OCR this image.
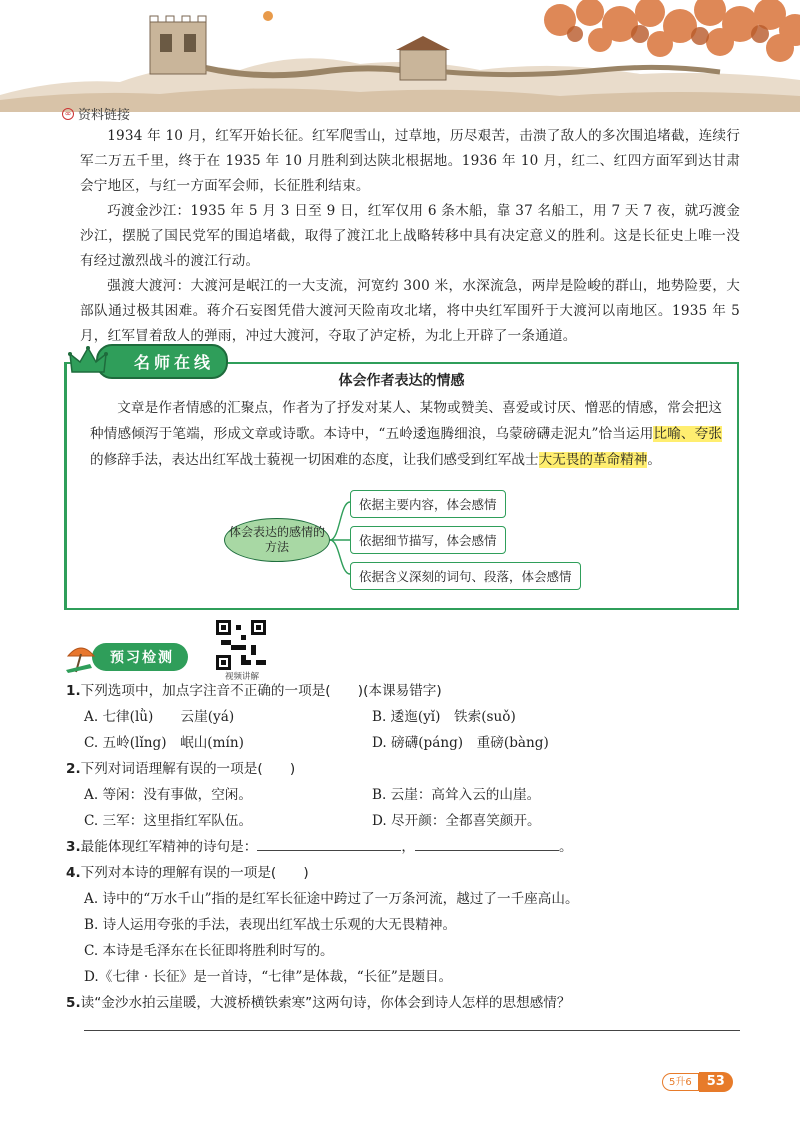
∞ 资料链接

1934 年 10 月，红军开始长征。红军爬雪山，过草地，历尽艰苦，击溃了敌人的多次围追堵截，连续行军二万五千里，终于在 1935 年 10 月胜利到达陕北根据地。1936 年 10 月，红二、红四方面军到达甘肃会宁地区，与红一方面军会师，长征胜利结束。

巧渡金沙江：1935 年 5 月 3 日至 9 日，红军仅用 6 条木船，靠 37 名船工，用 7 天 7 夜，就巧渡金沙江，摆脱了国民党军的围追堵截，取得了渡江北上战略转移中具有决定意义的胜利。这是长征史上唯一没有经过激烈战斗的渡江行动。

强渡大渡河：大渡河是岷江的一大支流，河宽约 300 米，水深流急，两岸是险峻的群山，地势险要，大部队通过极其困难。蒋介石妄图凭借大渡河天险南攻北堵，将中央红军围歼于大渡河以南地区。1935 年 5 月，红军冒着敌人的弹雨，冲过大渡河，夺取了泸定桥，为北上开辟了一条通道。

名师在线
体会作者表达的情感

文章是作者情感的汇聚点，作者为了抒发对某人、某物或赞美、喜爱或讨厌、憎恶的情感，常会把这种情感倾泻于笔端，形成文章或诗歌。本诗中，“五岭逶迤腾细浪，乌蒙磅礴走泥丸”恰当运用比喻、夸张的修辞手法，表达出红军战士藐视一切困难的态度，让我们感受到红军战士大无畏的革命精神。

体会表达的感情的方法
依据主要内容，体会感情
依据细节描写，体会感情
依据含义深刻的词句、段落，体会感情
预习检测
视频讲解
1.下列选项中，加点字注音不正确的一项是(　　)(本课易错字)
A. 七律(lǜ)　　云崖(yá)	B. 逶迤(yǐ)　铁索(suǒ)
C. 五岭(lǐng)　岷山(mín)	D. 磅礴(páng)　重磅(bàng)
2.下列对词语理解有误的一项是(　　)
A. 等闲：没有事做，空闲。	B. 云崖：高耸入云的山崖。
C. 三军：这里指红军队伍。	D. 尽开颜：全都喜笑颜开。
3.最能体现红军精神的诗句是：	，	。
4.下列对本诗的理解有误的一项是(　　)
A. 诗中的“万水千山”指的是红军长征途中跨过了一万条河流，越过了一千座高山。
B. 诗人运用夸张的手法，表现出红军战士乐观的大无畏精神。
C. 本诗是毛泽东在长征即将胜利时写的。
D.《七律 · 长征》是一首诗，“七律”是体裁，“长征”是题目。
5.读“金沙水拍云崖暖，大渡桥横铁索寒”这两句诗，你体会到诗人怎样的思想感情？
5升6	53
